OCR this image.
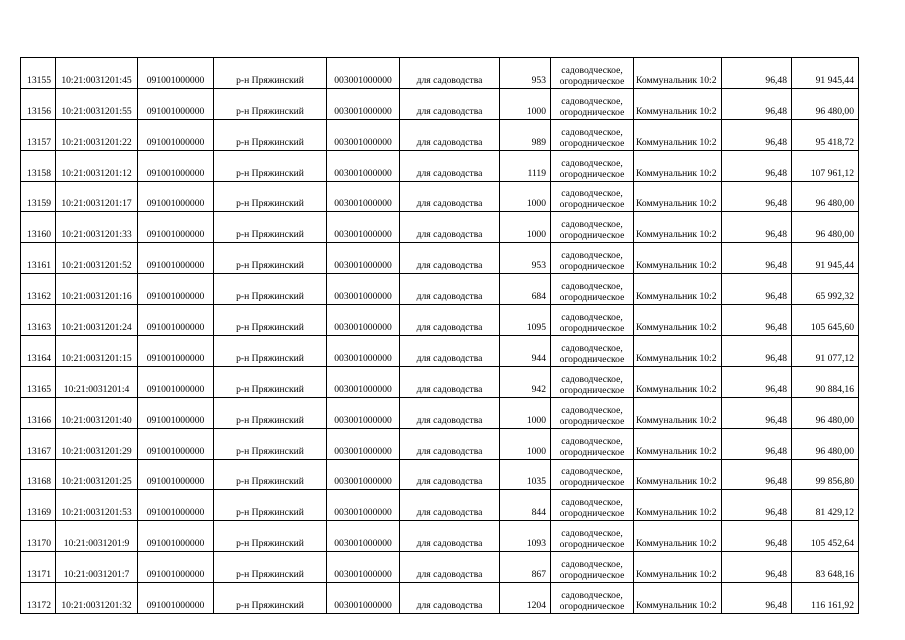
13155	10:21:0031201:45	091001000000	р-н Пряжинский	003001000000	для садоводства	953	садоводческое,
огородническое	Коммунальник 10:2	96,48	91 945,44
13156	10:21:0031201:55	091001000000	р-н Пряжинский	003001000000	для садоводства	1000	садоводческое,
огородническое	Коммунальник 10:2	96,48	96 480,00
13157	10:21:0031201:22	091001000000	р-н Пряжинский	003001000000	для садоводства	989	садоводческое,
огородническое	Коммунальник 10:2	96,48	95 418,72
13158	10:21:0031201:12	091001000000	р-н Пряжинский	003001000000	для садоводства	1119	садоводческое,
огородническое	Коммунальник 10:2	96,48	107 961,12
13159	10:21:0031201:17	091001000000	р-н Пряжинский	003001000000	для садоводства	1000	садоводческое,
огородническое	Коммунальник 10:2	96,48	96 480,00
13160	10:21:0031201:33	091001000000	р-н Пряжинский	003001000000	для садоводства	1000	садоводческое,
огородническое	Коммунальник 10:2	96,48	96 480,00
13161	10:21:0031201:52	091001000000	р-н Пряжинский	003001000000	для садоводства	953	садоводческое,
огородническое	Коммунальник 10:2	96,48	91 945,44
13162	10:21:0031201:16	091001000000	р-н Пряжинский	003001000000	для садоводства	684	садоводческое,
огородническое	Коммунальник 10:2	96,48	65 992,32
13163	10:21:0031201:24	091001000000	р-н Пряжинский	003001000000	для садоводства	1095	садоводческое,
огородническое	Коммунальник 10:2	96,48	105 645,60
13164	10:21:0031201:15	091001000000	р-н Пряжинский	003001000000	для садоводства	944	садоводческое,
огородническое	Коммунальник 10:2	96,48	91 077,12
13165	10:21:0031201:4	091001000000	р-н Пряжинский	003001000000	для садоводства	942	садоводческое,
огородническое	Коммунальник 10:2	96,48	90 884,16
13166	10:21:0031201:40	091001000000	р-н Пряжинский	003001000000	для садоводства	1000	садоводческое,
огородническое	Коммунальник 10:2	96,48	96 480,00
13167	10:21:0031201:29	091001000000	р-н Пряжинский	003001000000	для садоводства	1000	садоводческое,
огородническое	Коммунальник 10:2	96,48	96 480,00
13168	10:21:0031201:25	091001000000	р-н Пряжинский	003001000000	для садоводства	1035	садоводческое,
огородническое	Коммунальник 10:2	96,48	99 856,80
13169	10:21:0031201:53	091001000000	р-н Пряжинский	003001000000	для садоводства	844	садоводческое,
огородническое	Коммунальник 10:2	96,48	81 429,12
13170	10:21:0031201:9	091001000000	р-н Пряжинский	003001000000	для садоводства	1093	садоводческое,
огородническое	Коммунальник 10:2	96,48	105 452,64
13171	10:21:0031201:7	091001000000	р-н Пряжинский	003001000000	для садоводства	867	садоводческое,
огородническое	Коммунальник 10:2	96,48	83 648,16
13172	10:21:0031201:32	091001000000	р-н Пряжинский	003001000000	для садоводства	1204	садоводческое,
огородническое	Коммунальник 10:2	96,48	116 161,92
